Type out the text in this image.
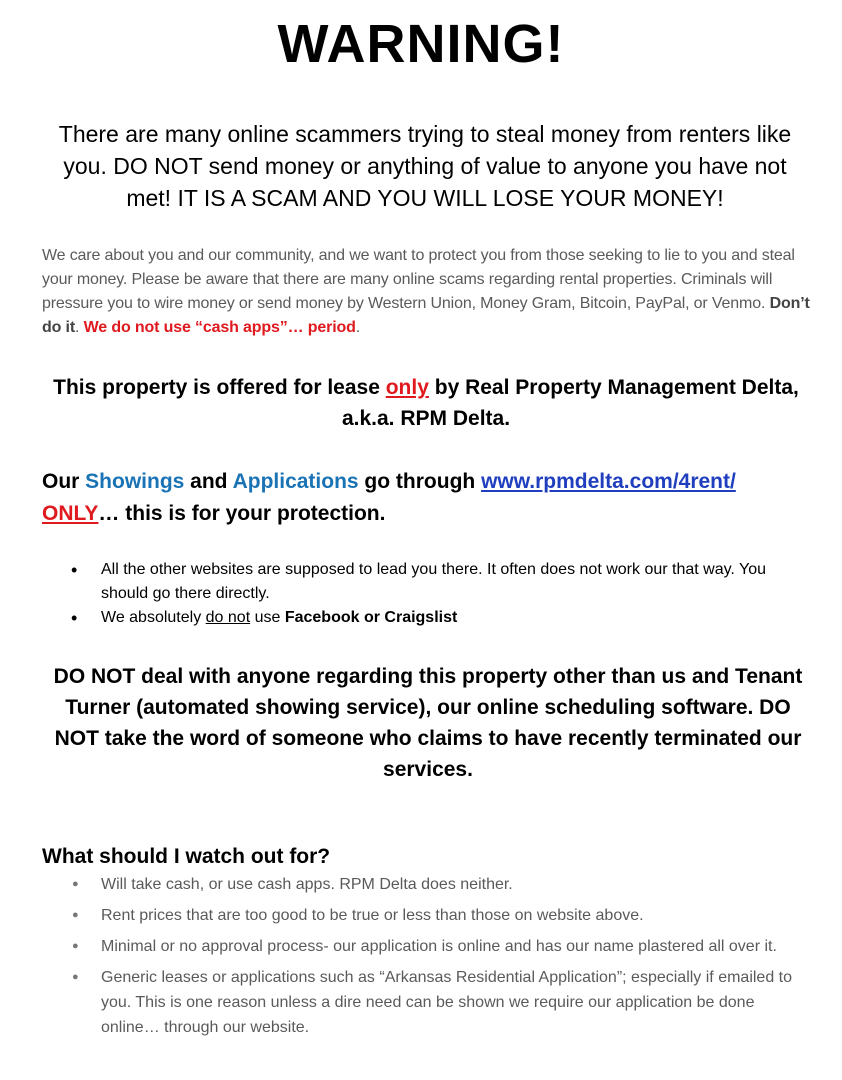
WARNING!
There are many online scammers trying to steal money from renters like you. DO NOT send money or anything of value to anyone you have not met! IT IS A SCAM AND YOU WILL LOSE YOUR MONEY!
We care about you and our community, and we want to protect you from those seeking to lie to you and steal your money. Please be aware that there are many online scams regarding rental properties. Criminals will pressure you to wire money or send money by Western Union, Money Gram, Bitcoin, PayPal, or Venmo. Don’t do it. We do not use “cash apps”… period.
This property is offered for lease only by Real Property Management Delta, a.k.a. RPM Delta.
Our Showings and Applications go through www.rpmdelta.com/4rent/
ONLY… this is for your protection.
• All the other websites are supposed to lead you there. It often does not work our that way. You should go there directly.
• We absolutely do not use Facebook or Craigslist
DO NOT deal with anyone regarding this property other than us and Tenant Turner (automated showing service), our online scheduling software. DO NOT take the word of someone who claims to have recently terminated our services.
What should I watch out for?
● Will take cash, or use cash apps. RPM Delta does neither.
● Rent prices that are too good to be true or less than those on website above.
● Minimal or no approval process- our application is online and has our name plastered all over it.
● Generic leases or applications such as “Arkansas Residential Application”; especially if emailed to you. This is one reason unless a dire need can be shown we require our application be done online… through our website.
